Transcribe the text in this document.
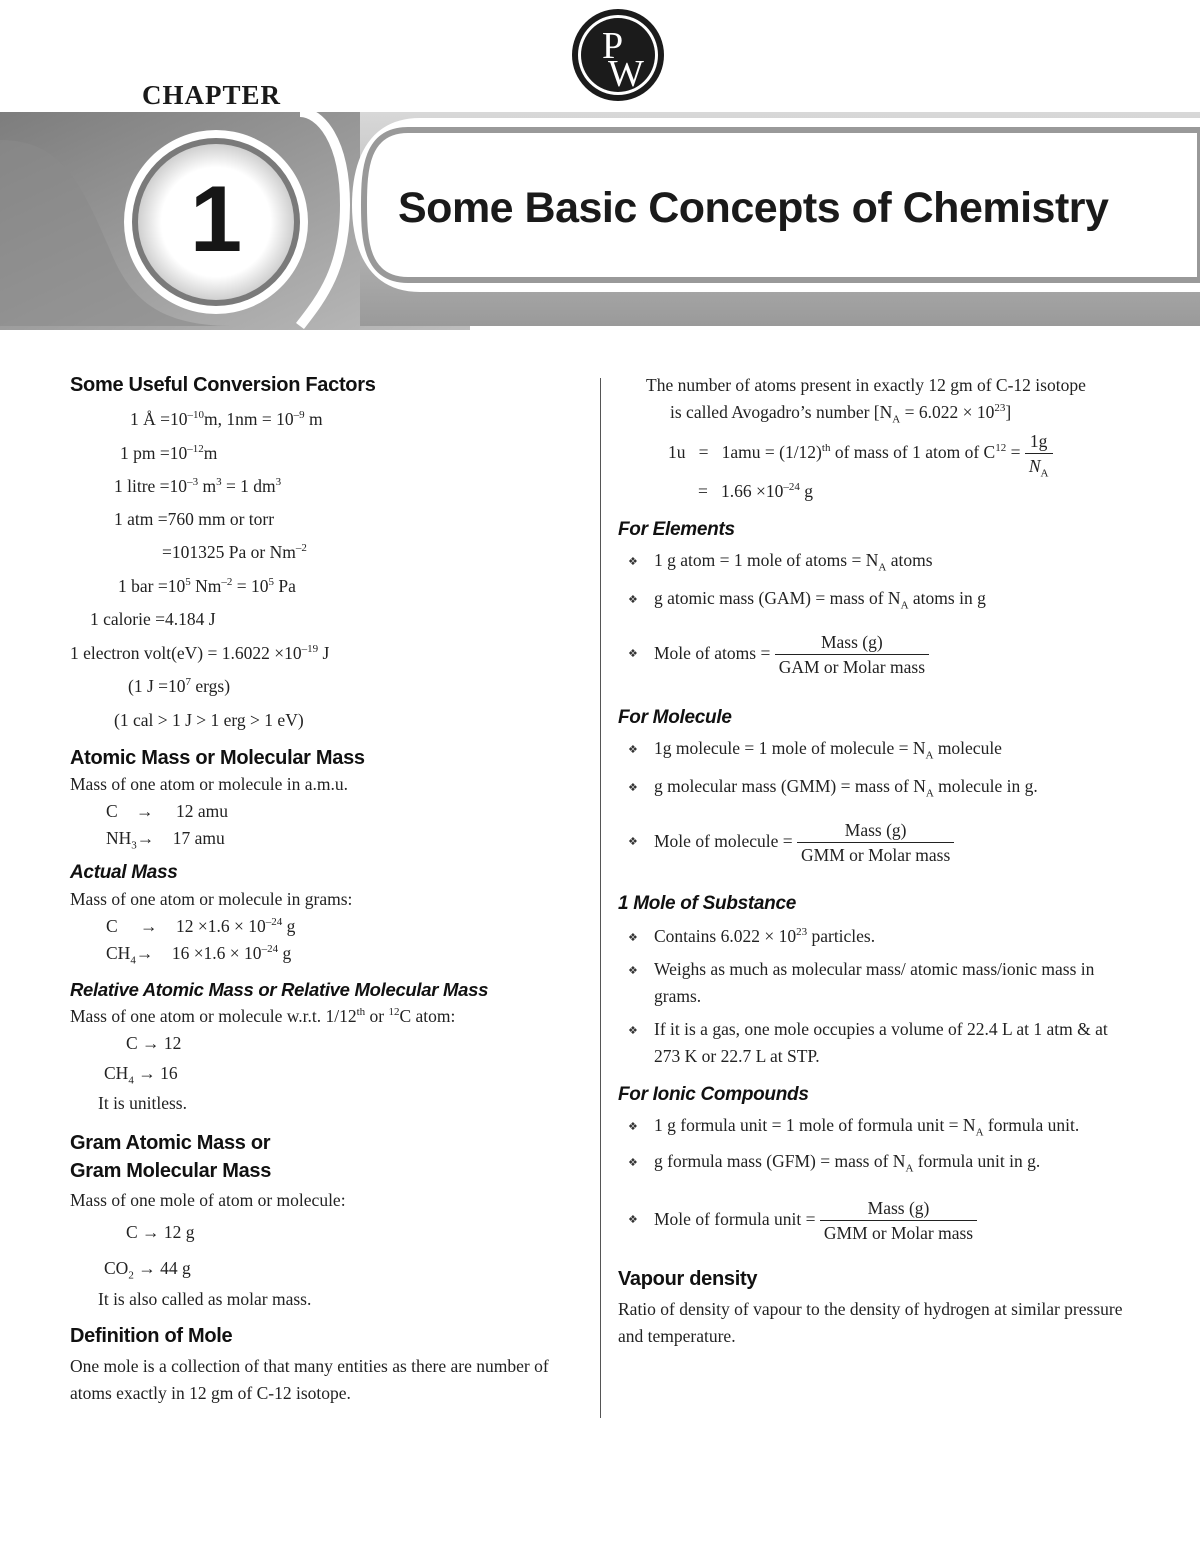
P
W
CHAPTER
1	Some Basic Concepts of Chemistry
Some Useful Conversion Factors
1 Å $=10^{-10}m$, $1nm = 10^{-9}$ m
1 pm $=10^{-12}m$
1 litre $=10^{-3}$ $m^3 = 1$ $dm^3$
1 atm =760 mm or torr
=101325 Pa or $Nm^{-2}$
1 bar $=10^5$ $Nm^{-2} = 10^5$ Pa
1 calorie =4.184 J
1 electron volt(eV) = $1.6022 \times 10^{-19}$ J
(1 $J =10^7$ ergs)
(1 cal > 1 J > 1 erg > 1 eV)
Atomic Mass or Molecular Mass
Mass of one atom or molecule in a.m.u.
C → 12 amu
$NH_3\to 17$ amu
Actual Mass
Mass of one atom or molecule in grams:
$C \to 12 \times 1.6 \times 10^{-24}$ g
$CH_4\to 16 \times 1.6 \times 10^{-24}$ g
Relative Atomic Mass or Relative Molecular Mass
Mass of one atom or molecule w.r.t. 1/12th or $^{12}$C atom:
C → 12
$CH_4 \to 16$
It is unitless.
Gram Atomic Mass or
Gram Molecular Mass
Mass of one mole of atom or molecule:
C → 12 g
$CO_2 \to 44$ g
It is also called as molar mass.
Definition of Mole
One mole is a collection of that many entities as there are number of atoms exactly in 12 gm of C-12 isotope.
The number of atoms present in exactly 12 gm of C-12 isotope
is called Avogadro’s number $[N_A = 6.022 \times 10^{23}]$
$1u = 1amu = (1/12)^{th}$ of mass of 1 atom of $C^{12} = \frac{1g}{N_A}$
=   $1.66 \times 10^{-24}$ g
For Elements
❖ 1 g atom = 1 mole of atoms = $N_A$ atoms
❖ g atomic mass (GAM) = mass of $N_A$ atoms in g
❖ Mole of atoms = $\frac{\text{Mass (g)}}{\text{GAM or Molar mass}}$
For Molecule
❖ 1g molecule = 1 mole of molecule = $N_A$ molecule
❖ g molecular mass (GMM) = mass of $N_A$ molecule in g.
❖ Mole of molecule = $\frac{\text{Mass (g)}}{\text{GMM or Molar mass}}$
1 Mole of Substance
❖ Contains $6.022 \times 10^{23}$ particles.
❖ Weighs as much as molecular mass/ atomic mass/ionic mass in grams.
❖ If it is a gas, one mole occupies a volume of 22.4 L at 1 atm & at 273 K or 22.7 L at STP.
For Ionic Compounds
❖ 1 g formula unit = 1 mole of formula unit = $N_A$ formula unit.
❖ g formula mass (GFM) = mass of $N_A$ formula unit in g.
❖ Mole of formula unit = $\frac{\text{Mass (g)}}{\text{GMM or Molar mass}}$
Vapour density
Ratio of density of vapour to the density of hydrogen at similar pressure and temperature.
